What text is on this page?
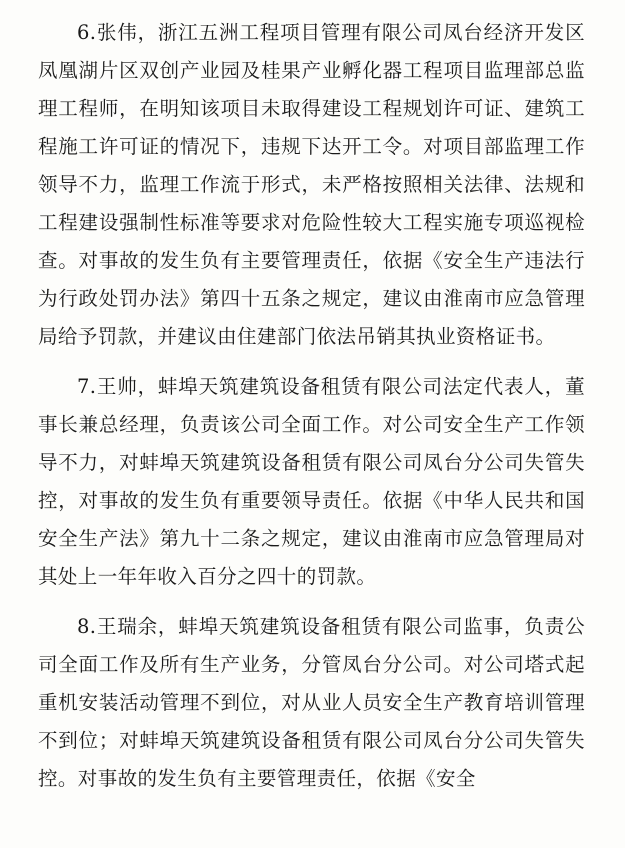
6.张伟，浙江五洲工程项目管理有限公司凤台经济开发区凤凰湖片区双创产业园及桂果产业孵化器工程项目监理部总监理工程师，在明知该项目未取得建设工程规划许可证、建筑工程施工许可证的情况下，违规下达开工令。对项目部监理工作领导不力，监理工作流于形式，未严格按照相关法律、法规和工程建设强制性标准等要求对危险性较大工程实施专项巡视检查。对事故的发生负有主要管理责任，依据《安全生产违法行为行政处罚办法》第四十五条之规定，建议由淮南市应急管理局给予罚款，并建议由住建部门依法吊销其执业资格证书。

7.王帅，蚌埠天筑建筑设备租赁有限公司法定代表人，董事长兼总经理，负责该公司全面工作。对公司安全生产工作领导不力，对蚌埠天筑建筑设备租赁有限公司凤台分公司失管失控，对事故的发生负有重要领导责任。依据《中华人民共和国安全生产法》第九十二条之规定，建议由淮南市应急管理局对其处上一年年收入百分之四十的罚款。

8.王瑞余，蚌埠天筑建筑设备租赁有限公司监事，负责公司全面工作及所有生产业务，分管凤台分公司。对公司塔式起重机安装活动管理不到位，对从业人员安全生产教育培训管理不到位；对蚌埠天筑建筑设备租赁有限公司凤台分公司失管失控。对事故的发生负有主要管理责任，依据《安全
